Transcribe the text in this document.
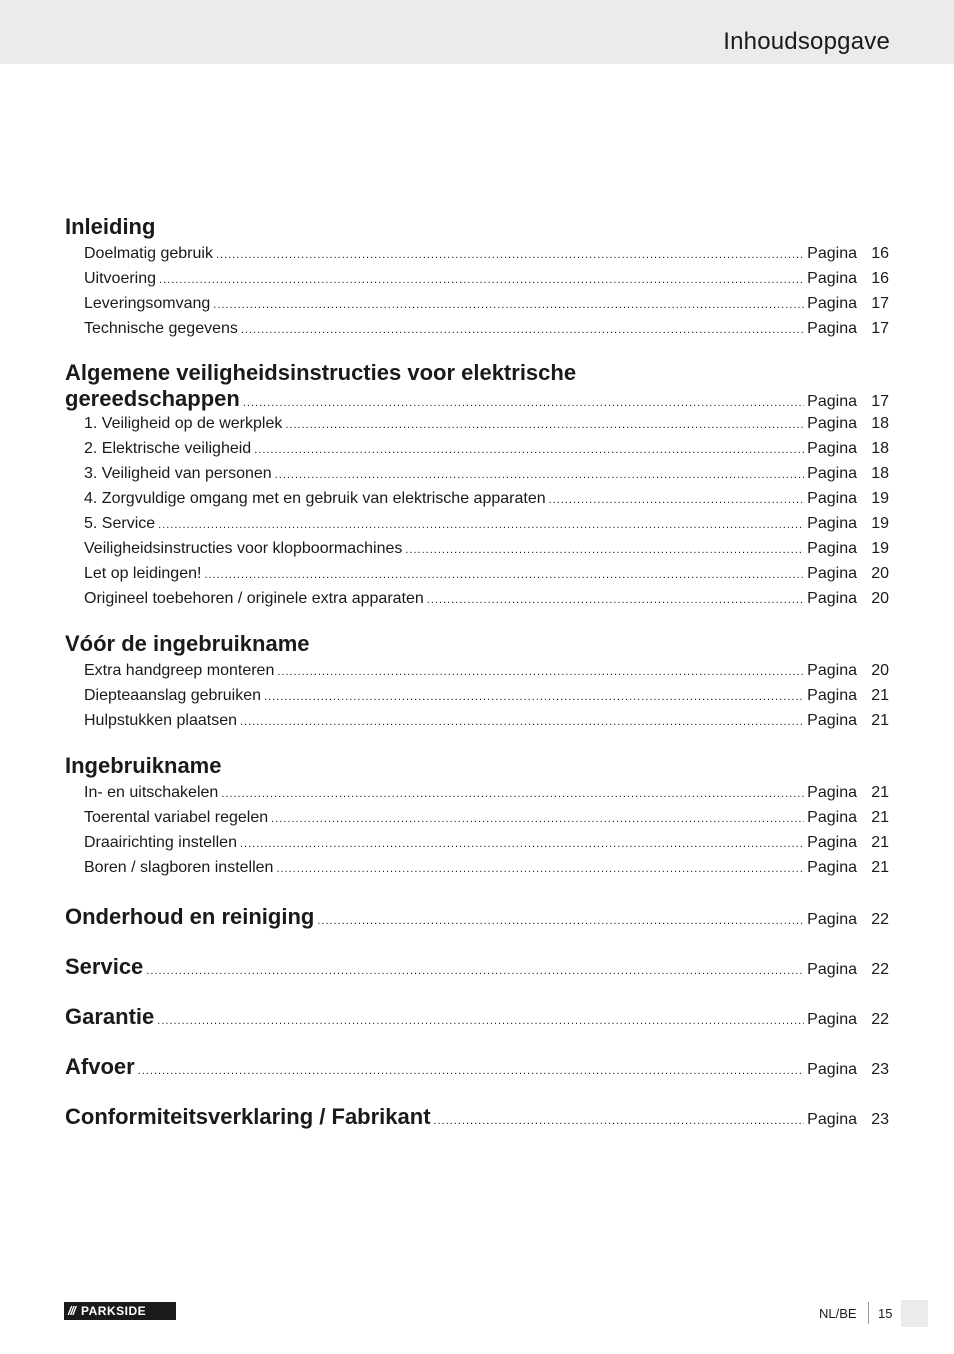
Inhoudsopgave
Inleiding
Doelmatig gebruik .....	Pagina 16
Uitvoering .....	Pagina 16
Leveringsomvang .....	Pagina 17
Technische gegevens .....	Pagina 17
Algemene veiligheidsinstructies voor elektrische
gereedschappen .....	Pagina 17
1. Veiligheid op de werkplek .....	Pagina 18
2. Elektrische veiligheid .....	Pagina 18
3. Veiligheid van personen .....	Pagina 18
4. Zorgvuldige omgang met en gebruik van elektrische apparaten .....	Pagina 19
5. Service .....	Pagina 19
Veiligheidsinstructies voor klopboormachines .....	Pagina 19
Let op leidingen! .....	Pagina 20
Origineel toebehoren / originele extra apparaten .....	Pagina 20
Vóór de ingebruikname
Extra handgreep monteren .....	Pagina 20
Diepteaanslag gebruiken .....	Pagina 21
Hulpstukken plaatsen .....	Pagina 21
Ingebruikname
In- en uitschakelen .....	Pagina 21
Toerental variabel regelen .....	Pagina 21
Draairichting instellen .....	Pagina 21
Boren / slagboren instellen .....	Pagina 21
Onderhoud en reiniging .....	Pagina 22
Service .....	Pagina 22
Garantie .....	Pagina 22
Afvoer .....	Pagina 23
Conformiteitsverklaring / Fabrikant .....	Pagina 23
/// PARKSIDE	NL/BE 15
